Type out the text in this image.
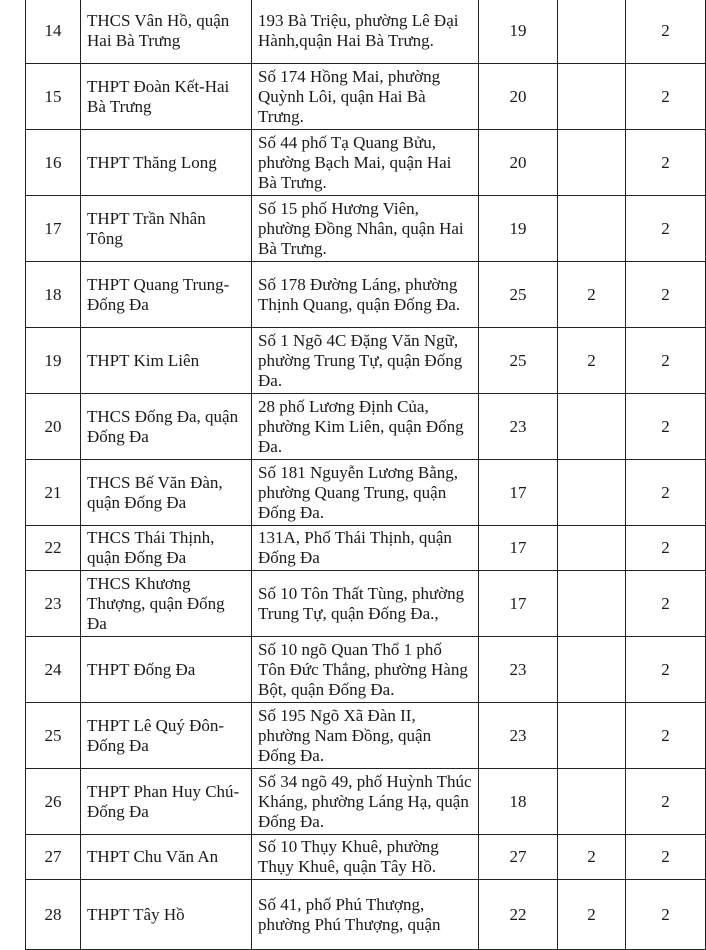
14	THCS Vân Hồ, quận Hai Bà Trưng	193 Bà Triệu, phường Lê Đại Hành,quận Hai Bà Trưng.	19		2
15	THPT Đoàn Kết-Hai Bà Trưng	Số 174 Hồng Mai, phường Quỳnh Lôi, quận Hai Bà Trưng.	20		2
16	THPT Thăng Long	Số 44 phố Tạ Quang Bửu, phường Bạch Mai, quận Hai Bà Trưng.	20		2
17	THPT Trần Nhân Tông	Số 15 phố Hương Viên, phường Đồng Nhân, quận Hai Bà Trưng.	19		2
18	THPT Quang Trung-Đống Đa	Số 178 Đường Láng, phường Thịnh Quang, quận Đống Đa.	25	2	2
19	THPT Kim Liên	Số 1 Ngõ 4C Đặng Văn Ngữ, phường Trung Tự, quận Đống Đa.	25	2	2
20	THCS Đống Đa, quận Đống Đa	28 phố Lương Định Của, phường Kim Liên, quận Đống Đa.	23		2
21	THCS Bế Văn Đàn, quận Đống Đa	Số 181 Nguyễn Lương Bằng, phường Quang Trung, quận Đống Đa.	17		2
22	THCS Thái Thịnh, quận Đống Đa	131A, Phố Thái Thịnh, quận Đống Đa	17		2
23	THCS Khương Thượng, quận Đống Đa	Số 10 Tôn Thất Tùng, phường Trung Tự, quận Đống Đa.,	17		2
24	THPT Đống Đa	Số 10 ngõ Quan Thổ 1 phố Tôn Đức Thắng, phường Hàng Bột, quận Đống Đa.	23		2
25	THPT Lê Quý Đôn-Đống Đa	Số 195 Ngõ Xã Đàn II, phường Nam Đồng, quận Đống Đa.	23		2
26	THPT Phan Huy Chú-Đống Đa	Số 34 ngõ 49, phố Huỳnh Thúc Kháng, phường Láng Hạ, quận Đống Đa.	18		2
27	THPT Chu Văn An	Số 10 Thụy Khuê, phường Thụy Khuê, quận Tây Hồ.	27	2	2
28	THPT Tây Hồ	Số 41, phố Phú Thượng, phường Phú Thượng, quận	22	2	2
